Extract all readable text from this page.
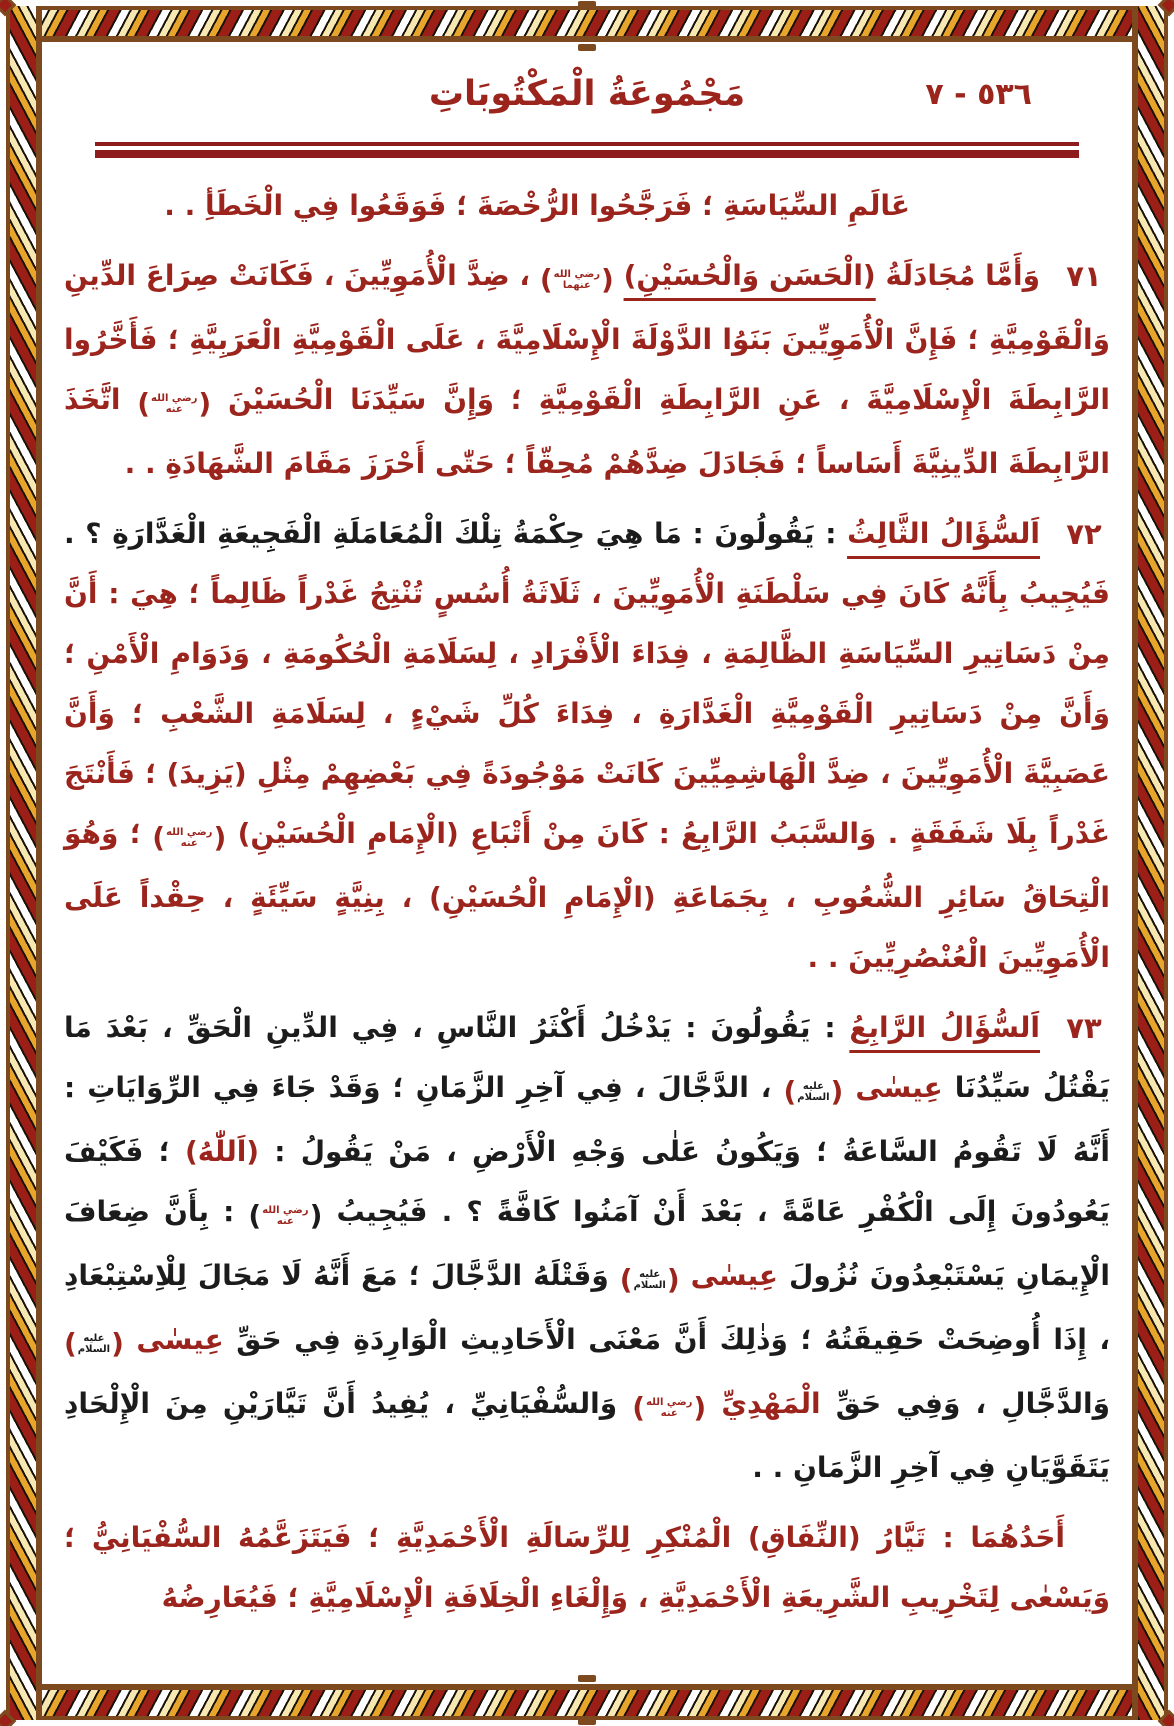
مَجْمُوعَةُ الْمَكْتُوبَاتِ	٥٣٦ - ٧
عَالَمِ السِّيَاسَةِ ؛ فَرَجَّحُوا الرُّخْصَةَ ؛ فَوَقَعُوا فِي الْخَطَأِ . .
٧١
وَأَمَّا مُجَادَلَةُ (الْحَسَن وَالْحُسَيْنِ)
(
رضي الله
عنهما
)
، ضِدَّ الْأُمَوِيِّينَ ، فَكَانَتْ صِرَاعَ الدِّينِ وَالْقَوْمِيَّةِ ؛ فَإِنَّ الْأُمَوِيِّينَ بَنَوُا الدَّوْلَةَ الْإِسْلَامِيَّةَ ، عَلَى الْقَوْمِيَّةِ الْعَرَبِيَّةِ ؛ فَأَخَّرُوا الرَّابِطَةَ الْإِسْلَامِيَّةَ ، عَنِ الرَّابِطَةِ الْقَوْمِيَّةِ ؛ وَإِنَّ سَيِّدَنَا الْحُسَيْنَ
(
رضي الله
عنه
)
اتَّخَذَ الرَّابِطَةَ الدِّينِيَّةَ أَسَاساً ؛ فَجَادَلَ ضِدَّهُمْ مُحِقّاً ؛ حَتّٰى أَحْرَزَ مَقَامَ الشَّهَادَةِ . .
٧٢
اَلسُّؤَالُ الثَّالِثُ : يَقُولُونَ : مَا هِيَ حِكْمَةُ تِلْكَ الْمُعَامَلَةِ الْفَجِيعَةِ الْغَدَّارَةِ ؟ . فَيُجِيبُ بِأَنَّهُ كَانَ فِي سَلْطَنَةِ الْأُمَوِيِّينَ ، ثَلَاثَةُ أُسُسٍ تُنْتِجُ غَدْراً ظَالِماً ؛ هِيَ : أَنَّ مِنْ دَسَاتِيرِ السِّيَاسَةِ الظَّالِمَةِ ، فِدَاءَ الْأَفْرَادِ ، لِسَلَامَةِ الْحُكُومَةِ ، وَدَوَامِ الْأَمْنِ ؛ وَأَنَّ مِنْ دَسَاتِيرِ الْقَوْمِيَّةِ الْغَدَّارَةِ ، فِدَاءَ كُلِّ شَيْءٍ ، لِسَلَامَةِ الشَّعْبِ ؛ وَأَنَّ عَصَبِيَّةَ الْأُمَوِيِّينَ ، ضِدَّ الْهَاشِمِيِّينَ كَانَتْ مَوْجُودَةً فِي بَعْضِهِمْ مِثْلِ (يَزِيدَ) ؛ فَأَنْتَجَ غَدْراً بِلَا شَفَقَةٍ . وَالسَّبَبُ الرَّابِعُ : كَانَ مِنْ أَتْبَاعِ (الْإِمَامِ الْحُسَيْنِ)
(
رضي الله
عنه
)
؛ وَهُوَ الْتِحَاقُ سَائِرِ الشُّعُوبِ ، بِجَمَاعَةِ (الْإِمَامِ الْحُسَيْنِ) ، بِنِيَّةٍ سَيِّئَةٍ ، حِقْداً عَلَى الْأُمَوِيِّينَ الْعُنْصُرِيِّينَ . .
٧٣
اَلسُّؤَالُ الرَّابِعُ : يَقُولُونَ : يَدْخُلُ أَكْثَرُ النَّاسِ ، فِي الدِّينِ الْحَقِّ ، بَعْدَ مَا يَقْتُلُ سَيِّدُنَا عِيسٰى
(
عليه
السلام
)
، الدَّجَّالَ ، فِي آخِرِ الزَّمَانِ ؛ وَقَدْ جَاءَ فِي الرِّوَايَاتِ : أَنَّهُ لَا تَقُومُ السَّاعَةُ ؛ وَيَكُونُ عَلٰى وَجْهِ الْأَرْضِ ، مَنْ يَقُولُ : (اَللّٰهُ) ؛ فَكَيْفَ يَعُودُونَ إِلَى الْكُفْرِ عَامَّةً ، بَعْدَ أَنْ آمَنُوا كَافَّةً ؟ . فَيُجِيبُ
(
رضي الله
عنه
)
: بِأَنَّ ضِعَافَ الْإِيمَانِ يَسْتَبْعِدُونَ نُزُولَ عِيسٰى
(
عليه
السلام
)
وَقَتْلَهُ الدَّجَّالَ ؛ مَعَ أَنَّهُ لَا مَجَالَ لِلْاِسْتِبْعَادِ ، إِذَا أُوضِحَتْ حَقِيقَتُهُ ؛ وَذٰلِكَ أَنَّ مَعْنَى الْأَحَادِيثِ الْوَارِدَةِ فِي حَقِّ عِيسٰى
(
عليه
السلام
)
وَالدَّجَّالِ ، وَفِي حَقِّ الْمَهْدِيِّ
(
رضي الله
عنه
)
وَالسُّفْيَانِيِّ ، يُفِيدُ أَنَّ تَيَّارَيْنِ مِنَ الْإِلْحَادِ يَتَقَوَّيَانِ فِي آخِرِ الزَّمَانِ . .
أَحَدُهُمَا : تَيَّارُ (النِّفَاقِ) الْمُنْكِرِ لِلرِّسَالَةِ الْأَحْمَدِيَّةِ ؛ فَيَتَزَعَّمُهُ السُّفْيَانِيُّ ؛ وَيَسْعٰى لِتَخْرِيبِ الشَّرِيعَةِ الْأَحْمَدِيَّةِ ، وَإِلْغَاءِ الْخِلَافَةِ الْإِسْلَامِيَّةِ ؛ فَيُعَارِضُهُ
